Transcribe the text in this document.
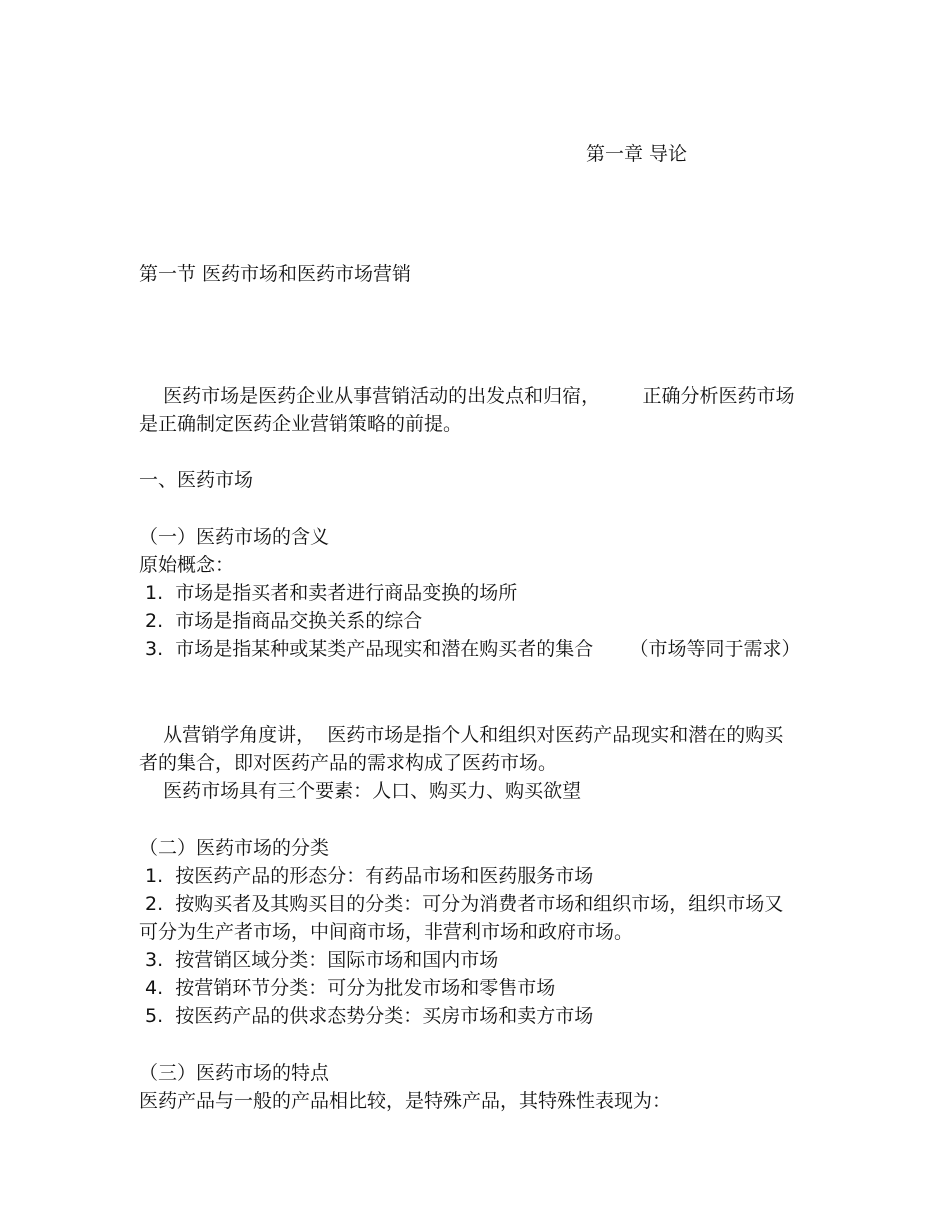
第一章 导论
第一节 医药市场和医药市场营销
医药市场是医药企业从事营销活动的出发点和归宿，       正确分析医药市场是正确制定医药企业营销策略的前提。
一、医药市场
（一）医药市场的含义
原始概念：
1.  市场是指买者和卖者进行商品变换的场所
2.  市场是指商品交换关系的综合
3.  市场是指某种或某类产品现实和潜在购买者的集合      （市场等同于需求）
从营销学角度讲，  医药市场是指个人和组织对医药产品现实和潜在的购买者的集合，即对医药产品的需求构成了医药市场。
医药市场具有三个要素：人口、购买力、购买欲望
（二）医药市场的分类
1.  按医药产品的形态分：有药品市场和医药服务市场
2.  按购买者及其购买目的分类：可分为消费者市场和组织市场，组织市场又可分为生产者市场，中间商市场，非营利市场和政府市场。
3.  按营销区域分类：国际市场和国内市场
4.  按营销环节分类：可分为批发市场和零售市场
5.  按医药产品的供求态势分类：买房市场和卖方市场
（三）医药市场的特点
医药产品与一般的产品相比较，是特殊产品，其特殊性表现为：
